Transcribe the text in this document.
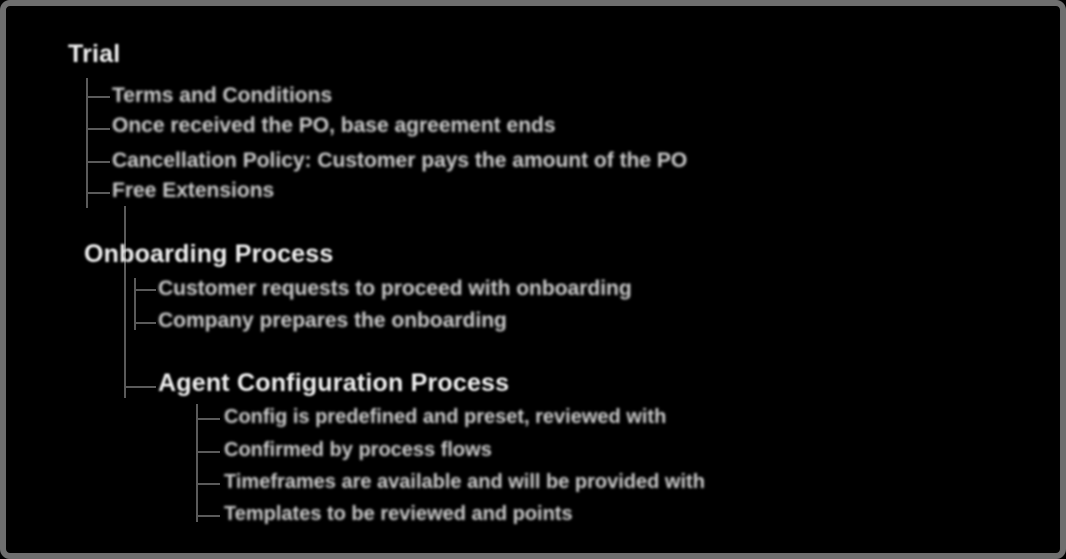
Trial
Terms and Conditions
Once received the PO, base agreement ends
Cancellation Policy: Customer pays the amount of the PO
Free Extensions
Onboarding Process
Customer requests to proceed with onboarding
Company prepares the onboarding
Agent Configuration Process
Config is predefined and preset, reviewed with
Confirmed by process flows
Timeframes are available and will be provided with
Templates to be reviewed and points
